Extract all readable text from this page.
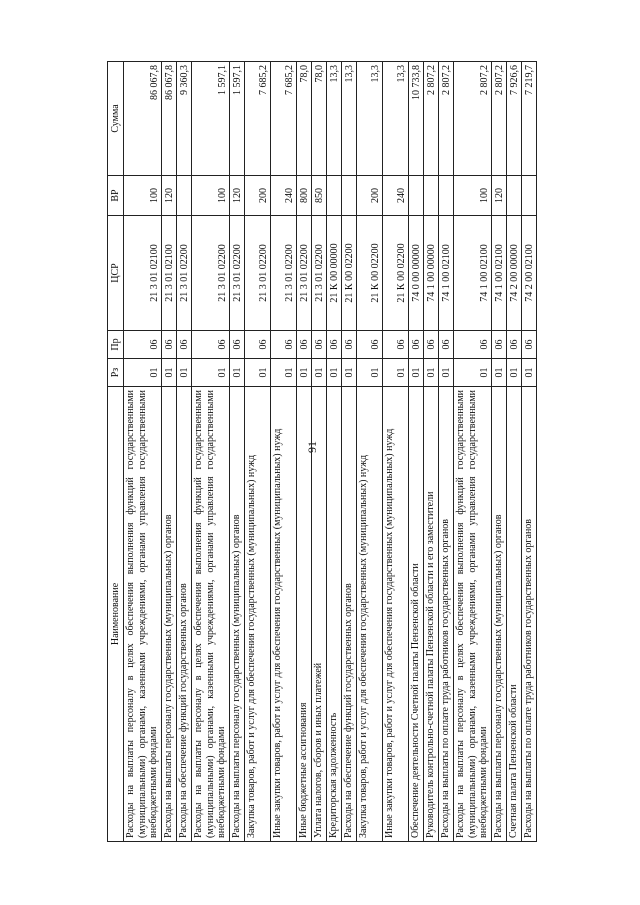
91
Наименование	Рз	Пр	ЦСР	ВР	Сумма
Расходы на выплаты персоналу в целях обеспечения выполнения функций государственными (муниципальными) органами, казенными учреждениями, органами управления государственными внебюджетными фондами	01	06	21 3 01 02100	100	86 067,8
Расходы на выплаты персоналу государственных (муниципальных) органов	01	06	21 3 01 02100	120	86 067,8
Расходы на обеспечение функций государственных органов	01	06	21 3 01 02200		9 360,3
Расходы на выплаты персоналу в целях обеспечения выполнения функций государственными (муниципальными) органами, казенными учреждениями, органами управления государственными внебюджетными фондами	01	06	21 3 01 02200	100	1 597,1
Расходы на выплаты персоналу государственных (муниципальных) органов	01	06	21 3 01 02200	120	1 597,1
Закупка товаров, работ и услуг для обеспечения государственных (муниципальных) нужд	01	06	21 3 01 02200	200	7 685,2
Иные закупки товаров, работ и услуг для обеспечения государственных (муниципальных) нужд	01	06	21 3 01 02200	240	7 685,2
Иные бюджетные ассигнования	01	06	21 3 01 02200	800	78,0
Уплата налогов, сборов и иных платежей	01	06	21 3 01 02200	850	78,0
Кредиторская задолженность	01	06	21 К 00 00000		13,3
Расходы на обеспечение функций государственных органов	01	06	21 К 00 02200		13,3
Закупка товаров, работ и услуг для обеспечения государственных (муниципальных) нужд	01	06	21 К 00 02200	200	13,3
Иные закупки товаров, работ и услуг для обеспечения государственных (муниципальных) нужд	01	06	21 К 00 02200	240	13,3
Обеспечение деятельности Счетной палаты Пензенской области	01	06	74 0 00 00000		10 733,8
Руководитель контрольно-счетной палаты Пензенской области и его заместители	01	06	74 1 00 00000		2 807,2
Расходы на выплаты по оплате труда работников государственных органов	01	06	74 1 00 02100		2 807,2
Расходы на выплаты персоналу в целях обеспечения выполнения функций государственными (муниципальными) органами, казенными учреждениями, органами управления государственными внебюджетными фондами	01	06	74 1 00 02100	100	2 807,2
Расходы на выплаты персоналу государственных (муниципальных) органов	01	06	74 1 00 02100	120	2 807,2
Счетная палата Пензенской области	01	06	74 2 00 00000		7 926,6
Расходы на выплаты по оплате труда работников государственных органов	01	06	74 2 00 02100		7 219,7
